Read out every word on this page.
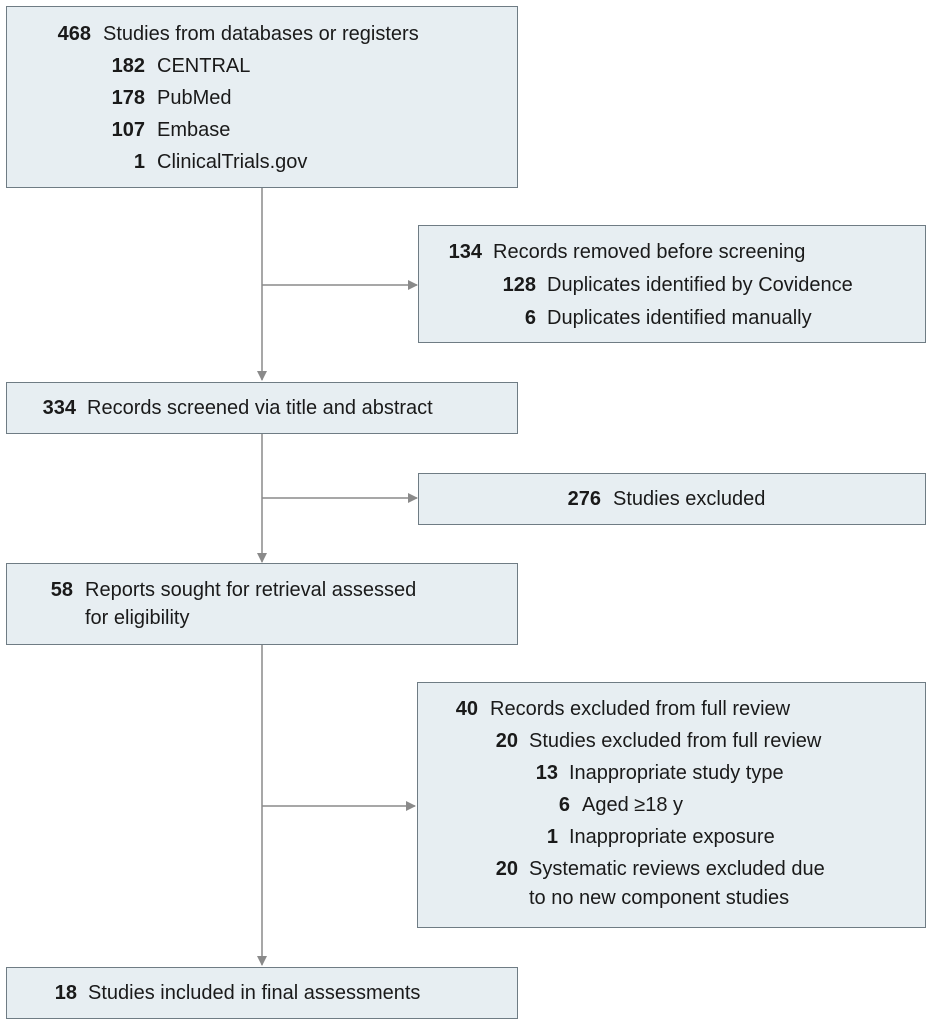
468 Studies from databases or registers
182 CENTRAL
178 PubMed
107 Embase
1 ClinicalTrials.gov
134 Records removed before screening
128 Duplicates identified by Covidence
6 Duplicates identified manually
334 Records screened via title and abstract
276 Studies excluded
58 Reports sought for retrieval assessed
for eligibility
40 Records excluded from full review
20 Studies excluded from full review
13 Inappropriate study type
6 Aged ≥18 y
1 Inappropriate exposure
20 Systematic reviews excluded due
to no new component studies
18 Studies included in final assessments
